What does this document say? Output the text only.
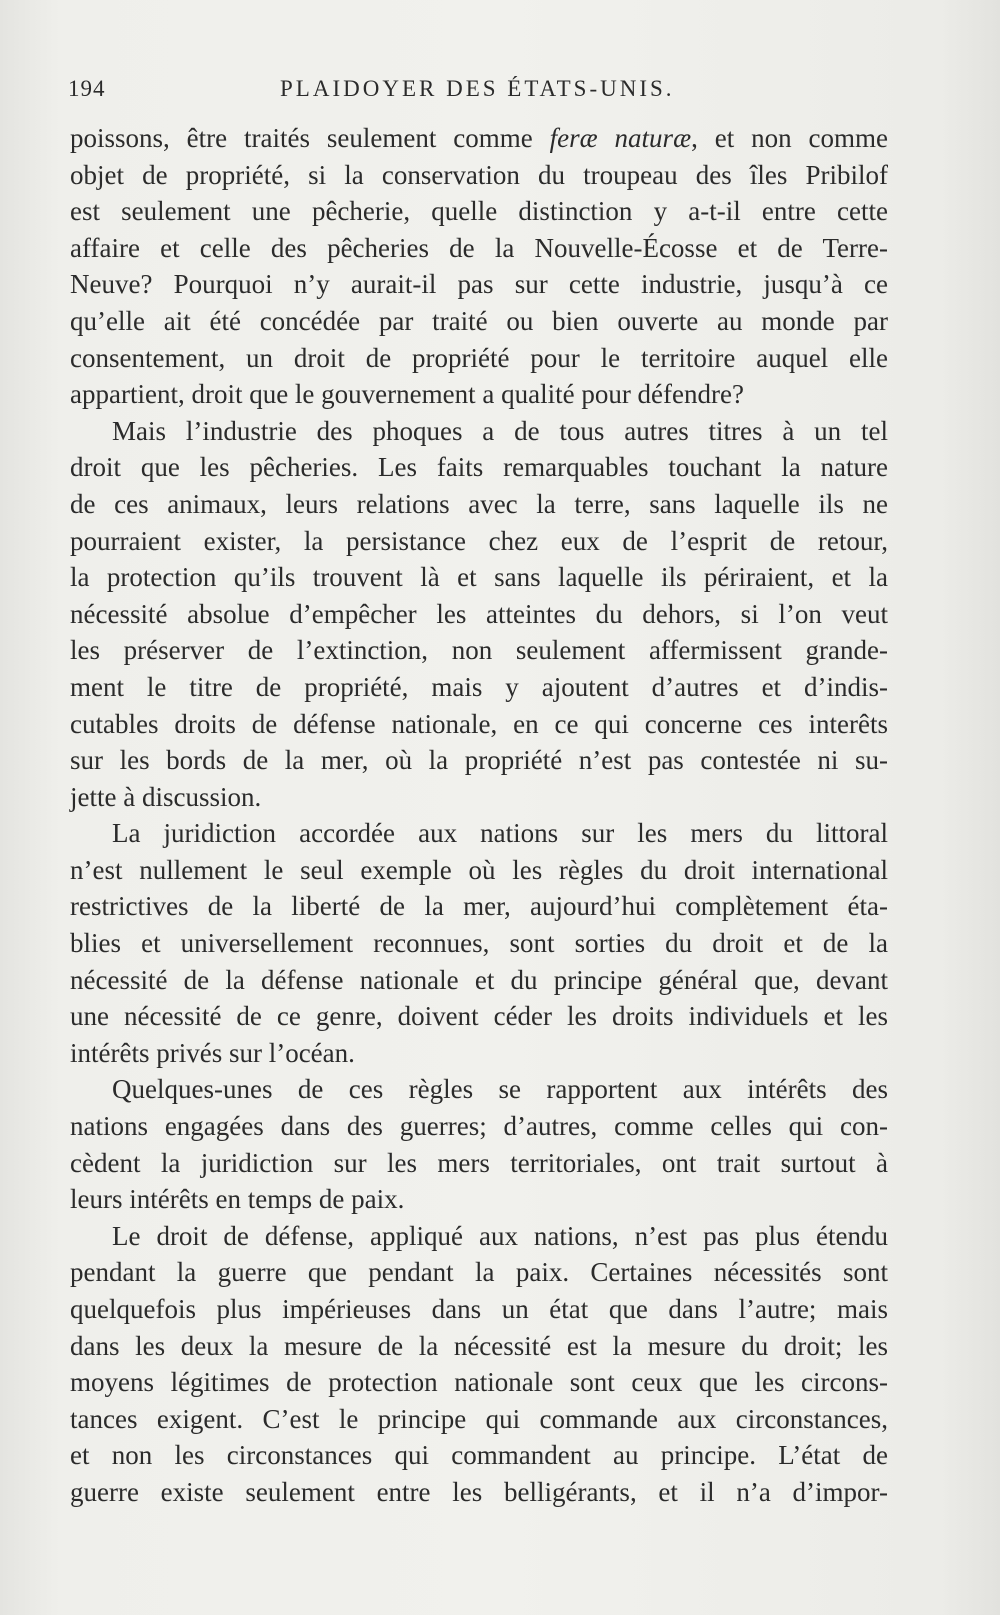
194	PLAIDOYER DES ÉTATS-UNIS.
poissons, être traités seulement comme feræ naturæ, et non comme
objet de propriété, si la conservation du troupeau des îles Pribilof
est seulement une pêcherie, quelle distinction y a-t-il entre cette
affaire et celle des pêcheries de la Nouvelle-Écosse et de Terre-
Neuve? Pourquoi n’y aurait-il pas sur cette industrie, jusqu’à ce
qu’elle ait été concédée par traité ou bien ouverte au monde par
consentement, un droit de propriété pour le territoire auquel elle
appartient, droit que le gouvernement a qualité pour défendre?
Mais l’industrie des phoques a de tous autres titres à un tel
droit que les pêcheries. Les faits remarquables touchant la nature
de ces animaux, leurs relations avec la terre, sans laquelle ils ne
pourraient exister, la persistance chez eux de l’esprit de retour,
la protection qu’ils trouvent là et sans laquelle ils périraient, et la
nécessité absolue d’empêcher les atteintes du dehors, si l’on veut
les préserver de l’extinction, non seulement affermissent grande-
ment le titre de propriété, mais y ajoutent d’autres et d’indis-
cutables droits de défense nationale, en ce qui concerne ces interêts
sur les bords de la mer, où la propriété n’est pas contestée ni su-
jette à discussion.
La juridiction accordée aux nations sur les mers du littoral
n’est nullement le seul exemple où les règles du droit international
restrictives de la liberté de la mer, aujourd’hui complètement éta-
blies et universellement reconnues, sont sorties du droit et de la
nécessité de la défense nationale et du principe général que, devant
une nécessité de ce genre, doivent céder les droits individuels et les
intérêts privés sur l’océan.
Quelques-unes de ces règles se rapportent aux intérêts des
nations engagées dans des guerres; d’autres, comme celles qui con-
cèdent la juridiction sur les mers territoriales, ont trait surtout à
leurs intérêts en temps de paix.
Le droit de défense, appliqué aux nations, n’est pas plus étendu
pendant la guerre que pendant la paix. Certaines nécessités sont
quelquefois plus impérieuses dans un état que dans l’autre; mais
dans les deux la mesure de la nécessité est la mesure du droit; les
moyens légitimes de protection nationale sont ceux que les circons-
tances exigent. C’est le principe qui commande aux circonstances,
et non les circonstances qui commandent au principe. L’état de
guerre existe seulement entre les belligérants, et il n’a d’impor-
